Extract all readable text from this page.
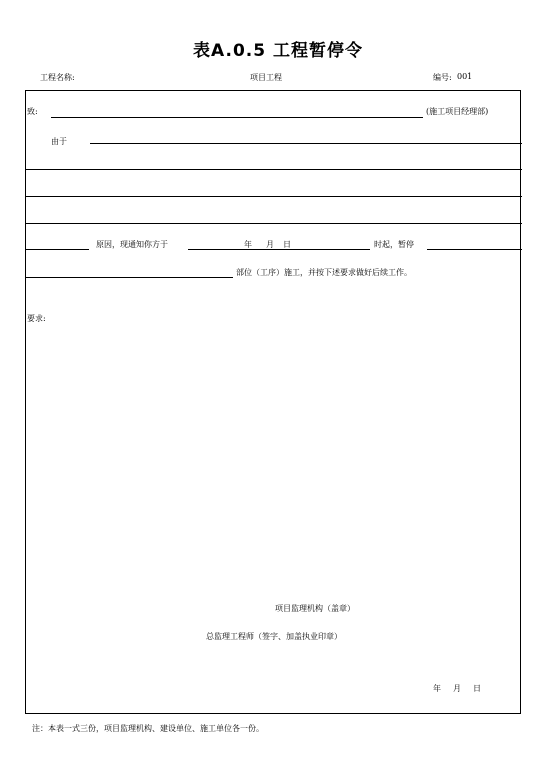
表A.0.5 工程暂停令
工程名称:	项目工程	编号: 001
致:	(施工项目经理部)
由于
原因，现通知你方于	年 月 日	时起，暂停
部位（工序）施工，并按下述要求做好后续工作。
要求:
项目监理机构（盖章）
总监理工程师（签字、加盖执业印章）
年 月 日
注：本表一式三份，项目监理机构、建设单位、施工单位各一份。
